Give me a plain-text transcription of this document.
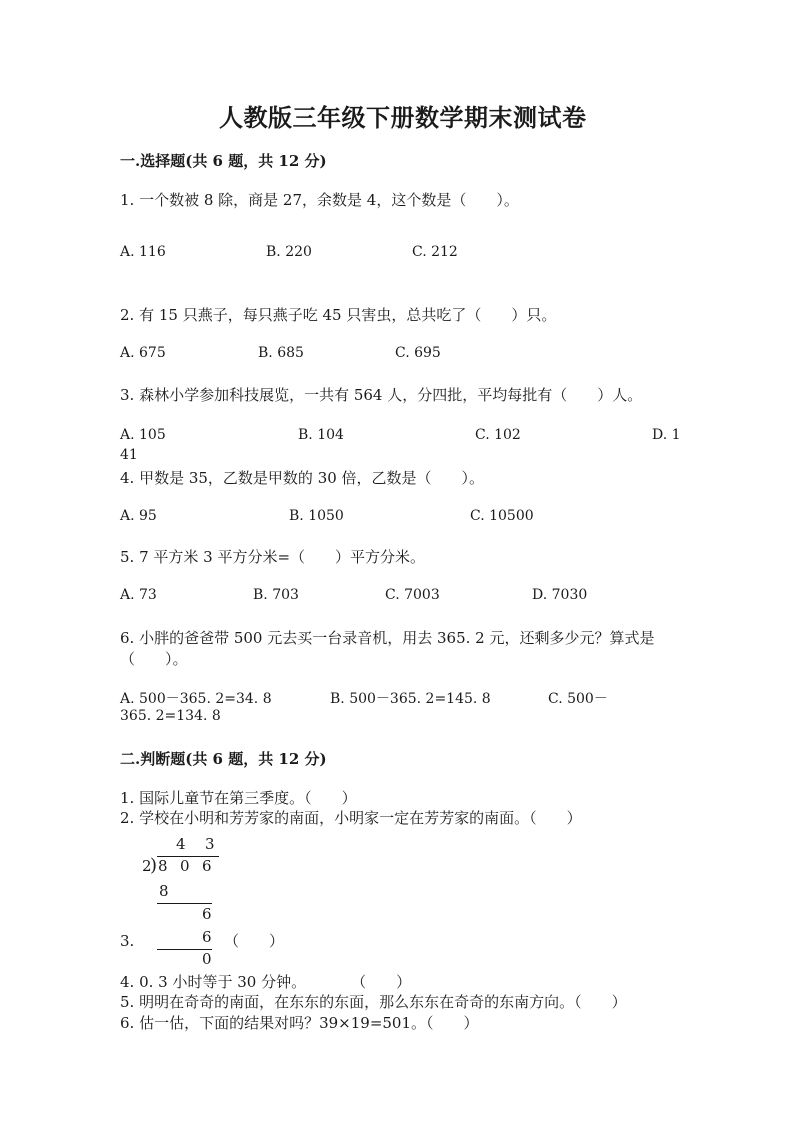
人教版三年级下册数学期末测试卷
一.选择题(共 6 题，共 12 分)
1. 一个数被 8 除，商是 27，余数是 4，这个数是（　　）。
A. 116	B. 220	C. 212
2. 有 15 只燕子，每只燕子吃 45 只害虫，总共吃了（　　）只。
A. 675	B. 685	C. 695
3. 森林小学参加科技展览，一共有 564 人，分四批，平均每批有（　　）人。
A. 105	B. 104	C. 102	D. 1
41
4. 甲数是 35，乙数是甲数的 30 倍，乙数是（　　）。
A. 95	B. 1050	C. 10500
5. 7 平方米 3 平方分米=（　　）平方分米。
A. 73	B. 703	C. 7003	D. 7030
6. 小胖的爸爸带 500 元去买一台录音机，用去 365. 2 元，还剩多少元？算式是
（　　）。
A. 500－365. 2=34. 8	B. 500－365. 2=145. 8	C. 500－
365. 2=134. 8
二.判断题(共 6 题，共 12 分)
1. 国际儿童节在第三季度。（　　）
2. 学校在小明和芳芳家的南面，小明家一定在芳芳家的南面。（　　）
4 3
2
) 8 0 6
8
6
6
0
3.	（　　）
4. 0. 3 小时等于 30 分钟。　　　　（　　）
5. 明明在奇奇的南面，在东东的东面，那么东东在奇奇的东南方向。（　　）
6. 估一估，下面的结果对吗？39×19=501。（　　）
